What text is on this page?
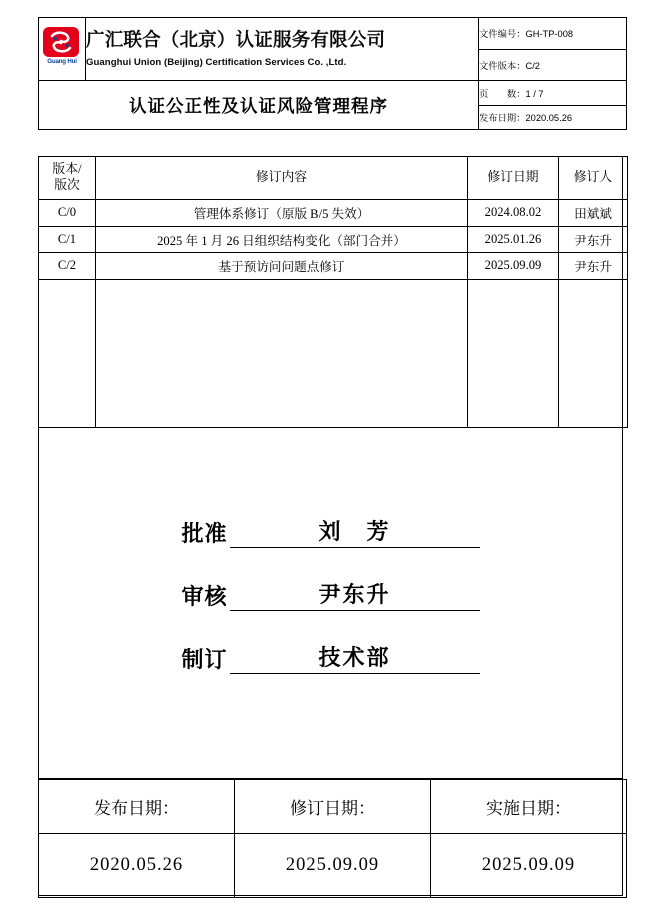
Guang Hui	广汇联合（北京）认证服务有限公司
Guanghui Union (Beijing) Certification Services Co. ,Ltd.	文件编号：GH-TP-008
		文件版本：C/2
认证公正性及认证风险管理程序		页　　数：1 / 7
		发布日期：2020.05.26
版本/
版次	修订内容	修订日期	修订人
C/0	管理体系修订（原版 B/5 失效）	2024.08.02	田斌斌
C/1	2025 年 1 月 26 日组织结构变化（部门合并）	2025.01.26	尹东升
C/2	基于预访问问题点修订	2025.09.09	尹东升

批准	刘　芳
审核	尹东升
制订	技术部
发布日期：	修订日期：	实施日期：
2020.05.26	2025.09.09	2025.09.09
